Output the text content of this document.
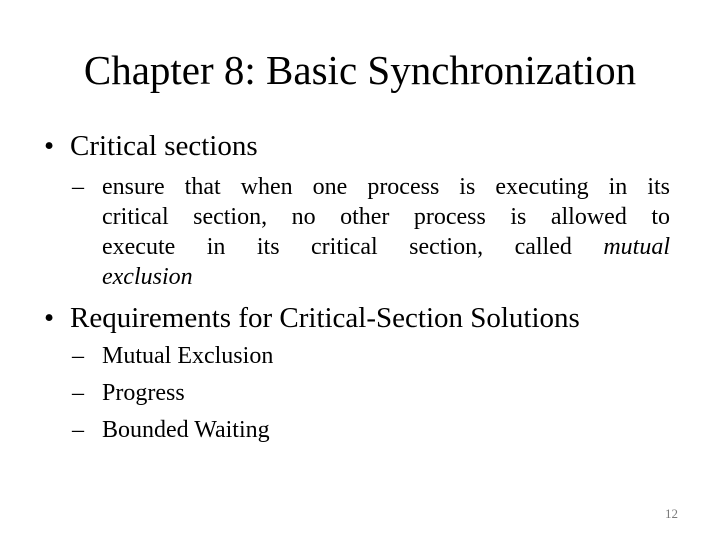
Chapter 8: Basic Synchronization
• Critical sections
– ensure that when one process is executing in its
critical section, no other process is allowed to
execute in its critical section, called mutual
exclusion
• Requirements for Critical-Section Solutions
– Mutual Exclusion
– Progress
– Bounded Waiting
12
